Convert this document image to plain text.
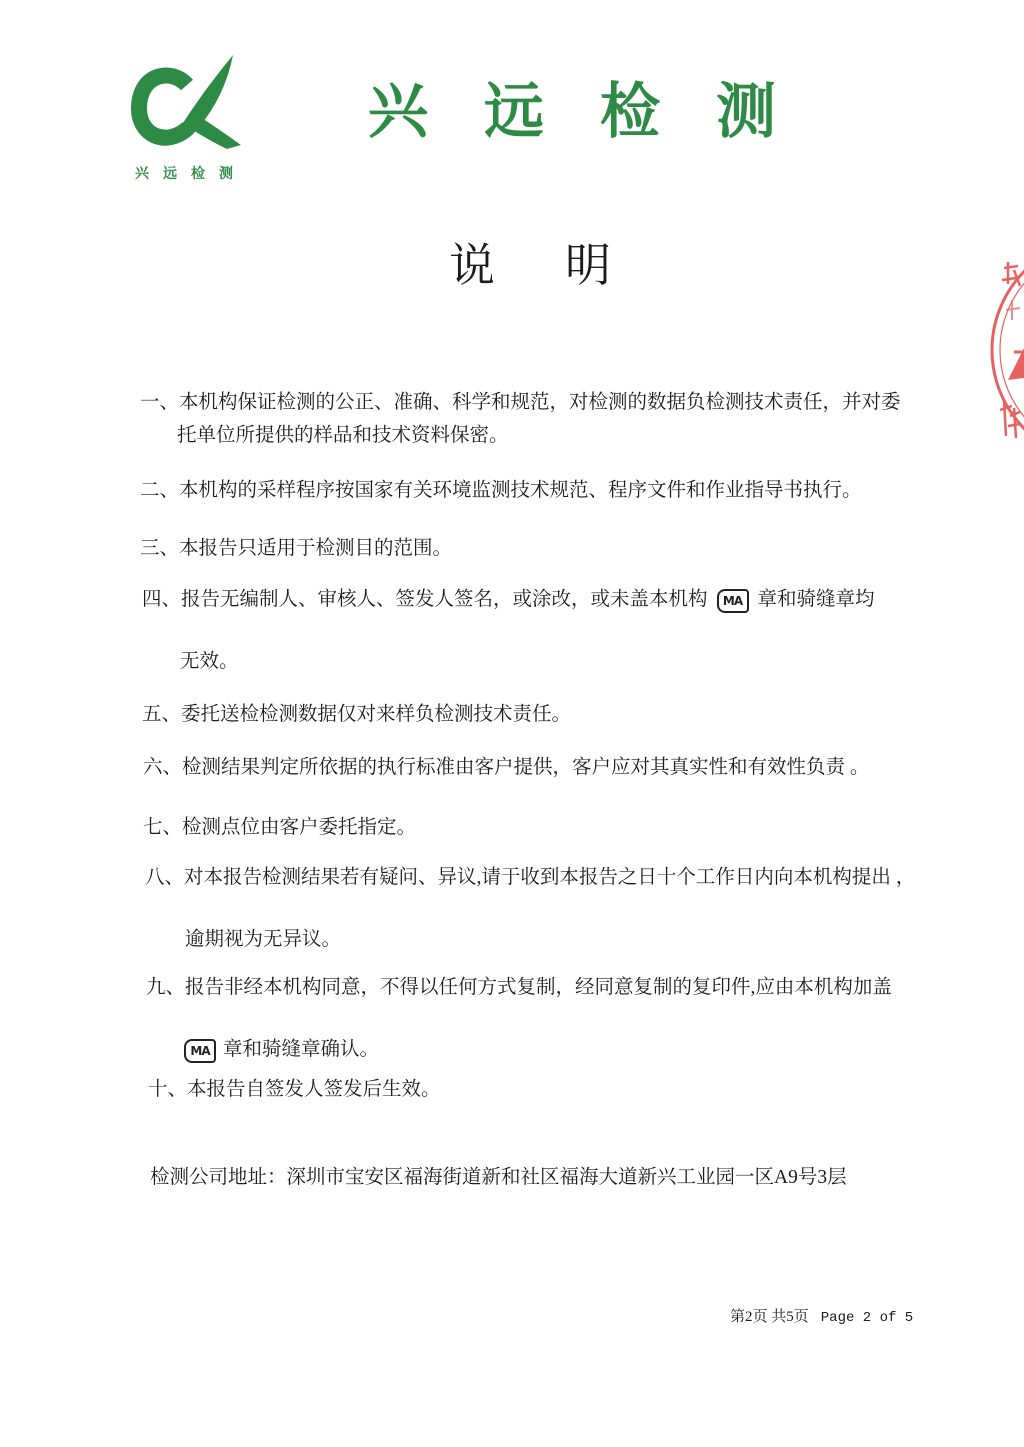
兴远检测
兴远检测
说明
一、本机构保证检测的公正、准确、科学和规范，对检测的数据负检测技术责任，并对委
托单位所提供的样品和技术资料保密。
二、本机构的采样程序按国家有关环境监测技术规范、程序文件和作业指导书执行。
三、本报告只适用于检测目的范围。
四、报告无编制人、审核人、签发人签名，或涂改，或未盖本机构 MA 章和骑缝章均
无效。
五、委托送检检测数据仅对来样负检测技术责任。
六、检测结果判定所依据的执行标准由客户提供，客户应对其真实性和有效性负责 。
七、检测点位由客户委托指定。
八、对本报告检测结果若有疑问、异议,请于收到本报告之日十个工作日内向本机构提出 ，
逾期视为无异议。
九、报告非经本机构同意，不得以任何方式复制，经同意复制的复印件,应由本机构加盖
MA 章和骑缝章确认。
十、本报告自签发人签发后生效。
检测公司地址：深圳市宝安区福海街道新和社区福海大道新兴工业园一区A9号3层
第2页 共5页 Page 2 of 5
